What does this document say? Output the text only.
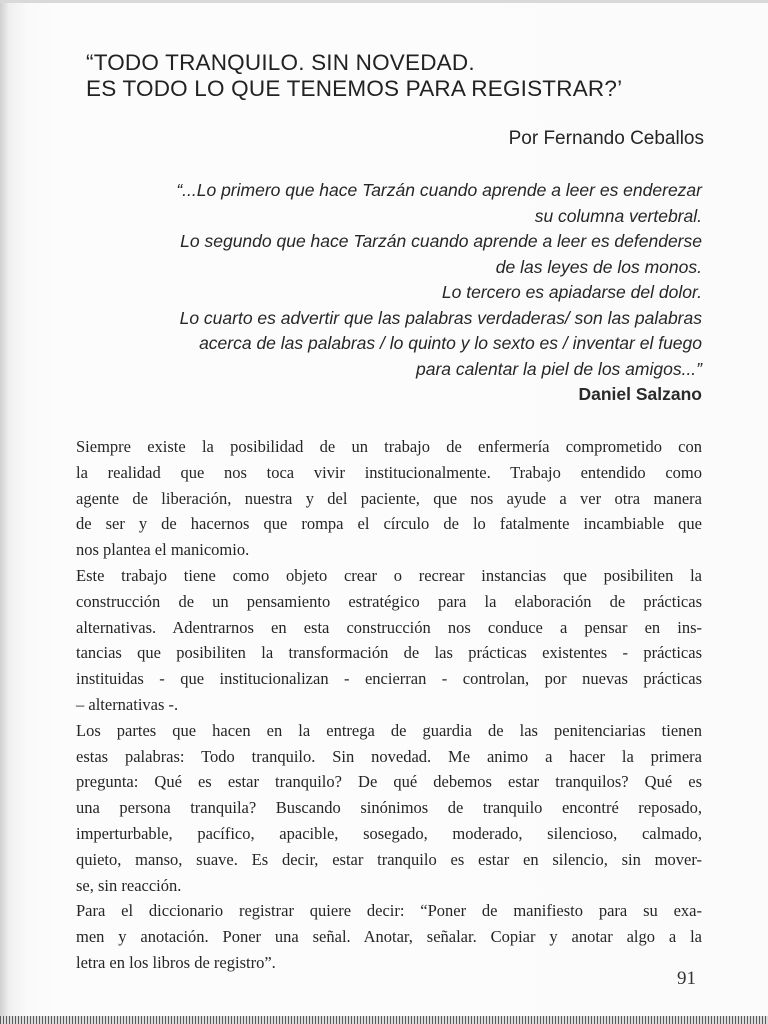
“TODO TRANQUILO. SIN NOVEDAD.
ES TODO LO QUE TENEMOS PARA REGISTRAR?’
Por Fernando Ceballos
“...Lo primero que hace Tarzán cuando aprende a leer es enderezar
su columna vertebral.
Lo segundo que hace Tarzán cuando aprende a leer es defenderse
de las leyes de los monos.
Lo tercero es apiadarse del dolor.
Lo cuarto es advertir que las palabras verdaderas/ son las palabras
acerca de las palabras / lo quinto y lo sexto es / inventar el fuego
para calentar la piel de los amigos...”
Daniel Salzano
Siempre existe la posibilidad de un trabajo de enfermería comprometido con
la realidad que nos toca vivir institucionalmente. Trabajo entendido como
agente de liberación, nuestra y del paciente, que nos ayude a ver otra manera
de ser y de hacernos que rompa el círculo de lo fatalmente incambiable que
nos plantea el manicomio.
Este trabajo tiene como objeto crear o recrear instancias que posibiliten la
construcción de un pensamiento estratégico para la elaboración de prácticas
alternativas. Adentrarnos en esta construcción nos conduce a pensar en ins-
tancias que posibiliten la transformación de las prácticas existentes - prácticas
instituidas - que institucionalizan - encierran - controlan, por nuevas prácticas
– alternativas -.
Los partes que hacen en la entrega de guardia de las penitenciarias tienen
estas palabras: Todo tranquilo. Sin novedad. Me animo a hacer la primera
pregunta: Qué es estar tranquilo? De qué debemos estar tranquilos? Qué es
una persona tranquila? Buscando sinónimos de tranquilo encontré reposado,
imperturbable, pacífico, apacible, sosegado, moderado, silencioso, calmado,
quieto, manso, suave. Es decir, estar tranquilo es estar en silencio, sin mover-
se, sin reacción.
Para el diccionario registrar quiere decir: “Poner de manifiesto para su exa-
men y anotación. Poner una señal. Anotar, señalar. Copiar y anotar algo a la
letra en los libros de registro”.
91
